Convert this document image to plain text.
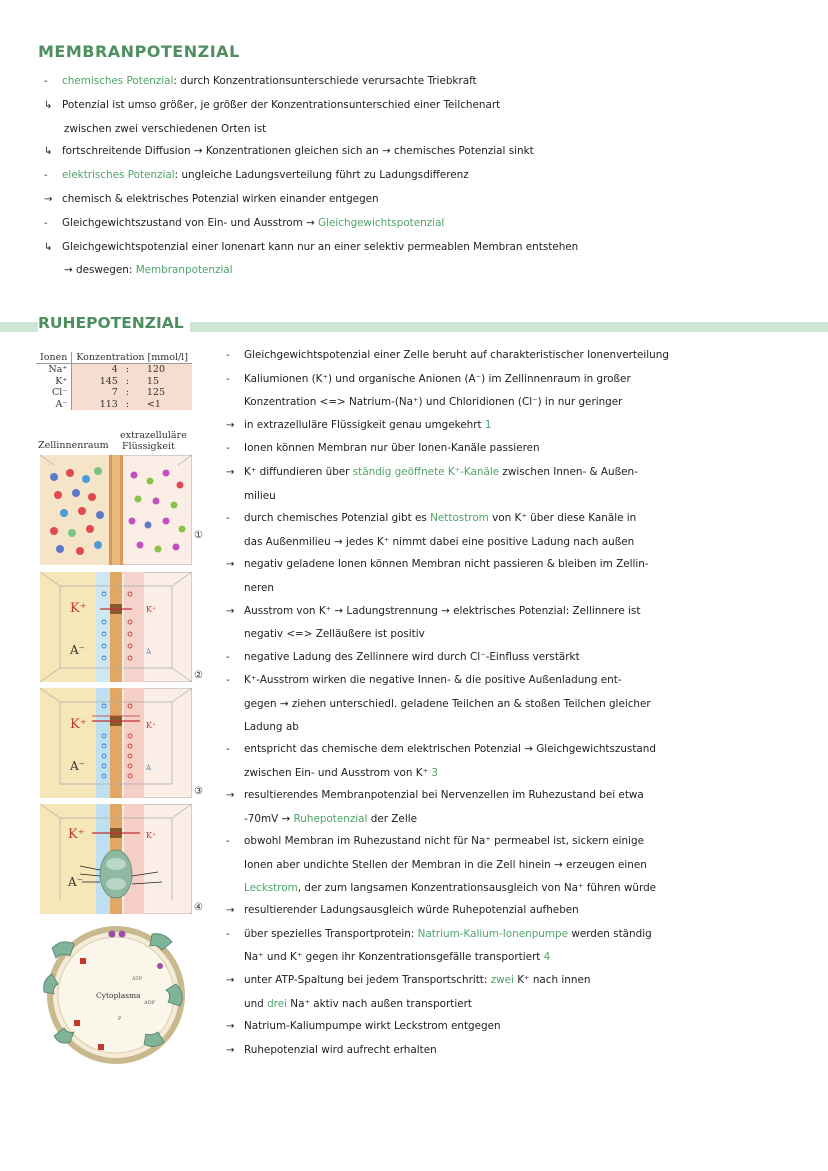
MEMBRANPOTENZIAL
- chemisches Potenzial: durch Konzentrationsunterschiede verursachte Triebkraft
↳ Potenzial ist umso größer, je größer der Konzentrationsunterschied einer Teilchenart
zwischen zwei verschiedenen Orten ist
↳ fortschreitende Diffusion → Konzentrationen gleichen sich an → chemisches Potenzial sinkt
- elektrisches Potenzial: ungleiche Ladungsverteilung führt zu Ladungsdifferenz
→ chemisch & elektrisches Potenzial wirken einander entgegen
- Gleichgewichtszustand von Ein- und Ausstrom → Gleichgewichtspotenzial
↳ Gleichgewichtspotenzial einer Ionenart kann nur an einer selektiv permeablen Membran entstehen
→ deswegen: Membranpotenzial
RUHEPOTENZIAL
Ionen	Konzentration [mmol/l]		
Na⁺	4	:	120
K⁺	145	:	15
Cl⁻	7	:	125
A⁻	113	:	<1
Zellinnenraum
extrazelluläre
Flüssigkeit
①
K⁺	K⁺
A⁻	A
②
K⁺	K⁺
A⁻	A
③
K⁺	K⁺
A⁻
④
Cytoplasma
ATP
ADP
P
- Gleichgewichtspotenzial einer Zelle beruht auf charakteristischer Ionenverteilung
- Kaliumionen (K⁺) und organische Anionen (A⁻) im Zellinnenraum in großer
Konzentration <=> Natrium-(Na⁺) und Chloridionen (Cl⁻) in nur geringer
→ in extrazelluläre Flüssigkeit genau umgekehrt 1
- Ionen können Membran nur über Ionen-Kanäle passieren
→ K⁺ diffundieren über ständig geöffnete K⁺-Kanäle zwischen Innen- & Außen-
milieu
- durch chemisches Potenzial gibt es Nettostrom von K⁺ über diese Kanäle in
das Außenmilieu → jedes K⁺ nimmt dabei eine positive Ladung nach außen
→ negativ geladene Ionen können Membran nicht passieren & bleiben im Zellin-
neren
→ Ausstrom von K⁺ → Ladungstrennung → elektrisches Potenzial: Zellinnere ist
negativ <=> Zelläußere ist positiv
- negative Ladung des Zellinnere wird durch Cl⁻-Einfluss verstärkt
- K⁺-Ausstrom wirken die negative Innen- & die positive Außenladung ent-
gegen → ziehen unterschiedl. geladene Teilchen an & stoßen Teilchen gleicher
Ladung ab
- entspricht das chemische dem elektrischen Potenzial → Gleichgewichtszustand
zwischen Ein- und Ausstrom von K⁺ 3
→ resultierendes Membranpotenzial bei Nervenzellen im Ruhezustand bei etwa
-70mV → Ruhepotenzial der Zelle
- obwohl Membran im Ruhezustand nicht für Na⁺ permeabel ist, sickern einige
Ionen aber undichte Stellen der Membran in die Zell hinein → erzeugen einen
Leckstrom, der zum langsamen Konzentrationsausgleich von Na⁺ führen würde
→ resultierender Ladungsausgleich würde Ruhepotenzial aufheben
- über spezielles Transportprotein: Natrium-Kalium-Ionenpumpe werden ständig
Na⁺ und K⁺ gegen ihr Konzentrationsgefälle transportiert 4
→ unter ATP-Spaltung bei jedem Transportschritt: zwei K⁺ nach innen
und drei Na⁺ aktiv nach außen transportiert
→ Natrium-Kaliumpumpe wirkt Leckstrom entgegen
→ Ruhepotenzial wird aufrecht erhalten
